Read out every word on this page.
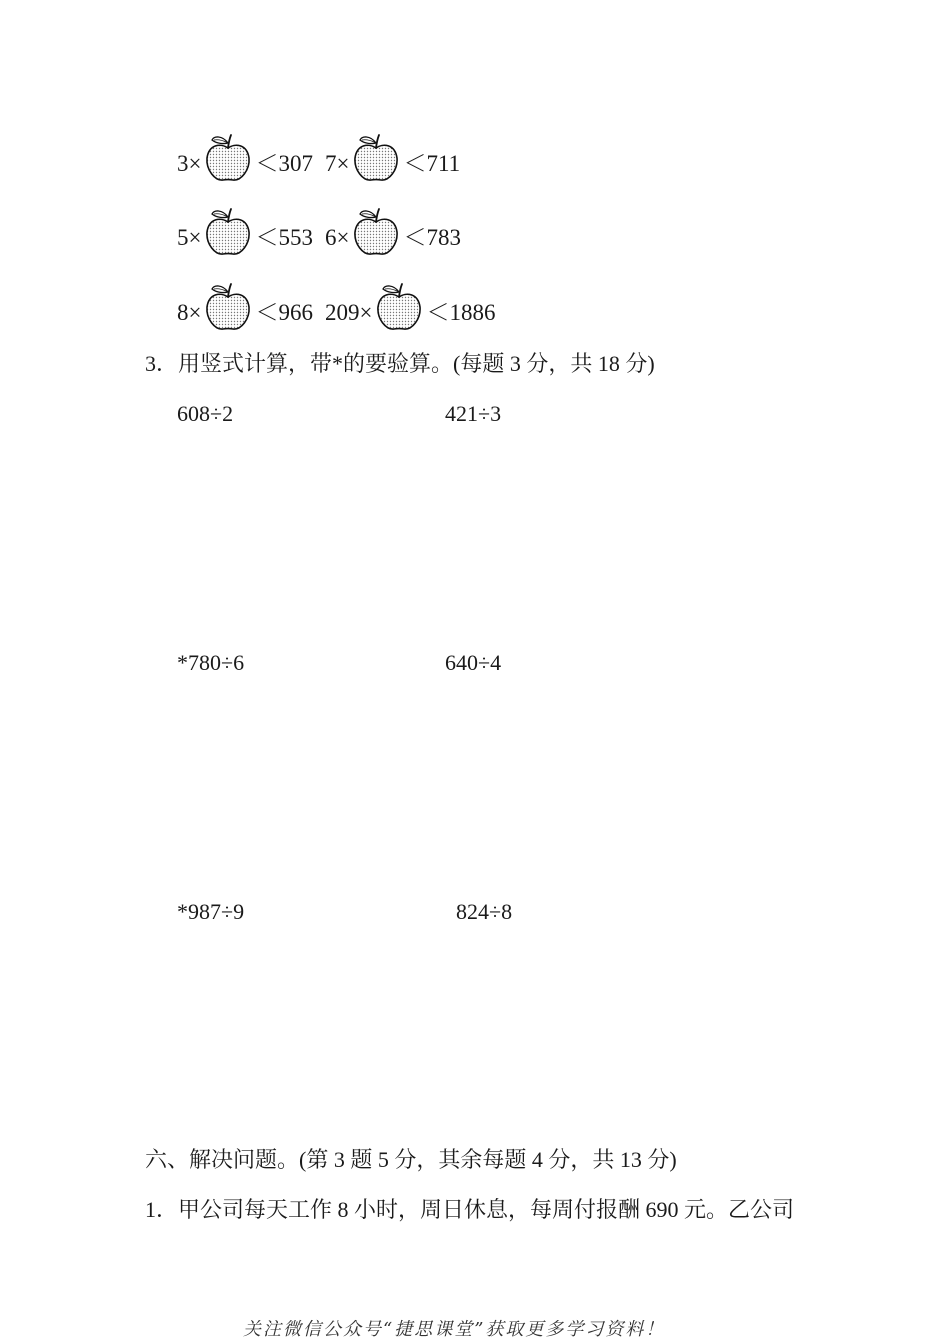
3× ＜307 7× ＜711
5× ＜553 6× ＜783
8× ＜966 209× ＜1886
3．用竖式计算，带*的要验算。(每题 3 分，共 18 分)
608÷2	421÷3
*780÷6	640÷4
*987÷9	824÷8
六、解决问题。(第 3 题 5 分，其余每题 4 分，共 13 分)
1．甲公司每天工作 8 小时，周日休息，每周付报酬 690 元。乙公司
关注微信公众号“捷思课堂”获取更多学习资料！
